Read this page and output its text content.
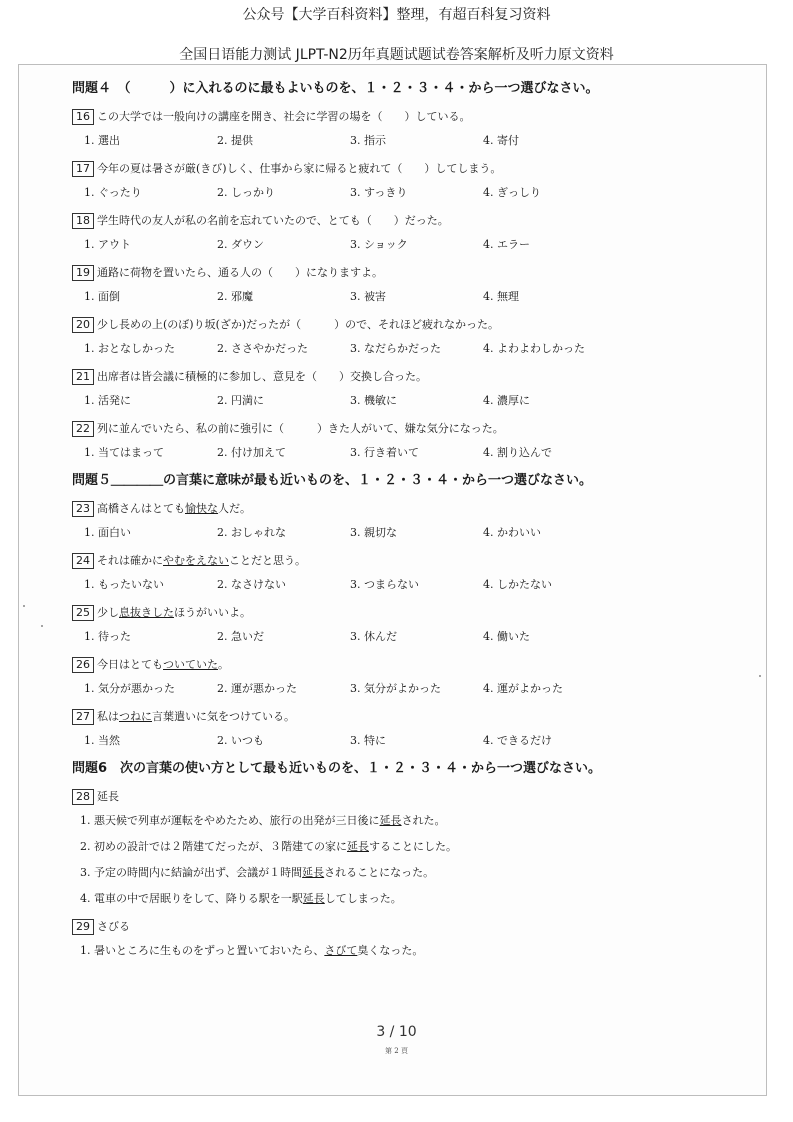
公众号【大学百科资料】整理，有超百科复习资料
全国日语能力测试 JLPT-N2历年真题试题试卷答案解析及听力原文资料
問題４　（　　　）に入れるのに最もよいものを、１・２・３・４・から一つ選びなさい。
16 この大学では一般向けの講座を開き、社会に学習の場を（　　）している。
1. 選出	2. 提供	3. 指示	4. 寄付
17 今年の夏は暑さが厳(きび)しく、仕事から家に帰ると疲れて（　　）してしまう。
1. ぐったり	2. しっかり	3. すっきり	4. ぎっしり
18 学生時代の友人が私の名前を忘れていたので、とても（　　）だった。
1. アウト	2. ダウン	3. ショック	4. エラー
19 通路に荷物を置いたら、通る人の（　　）になりますよ。
1. 面倒	2. 邪魔	3. 被害	4. 無理
20 少し長めの上(のぼ)り坂(ざか)だったが（　　　）ので、それほど疲れなかった。
1. おとなしかった	2. ささやかだった	3. なだらかだった	4. よわよわしかった
21 出席者は皆会議に積極的に参加し、意見を（　　）交換し合った。
1. 活発に	2. 円満に	3. 機敏に	4. 濃厚に
22 列に並んでいたら、私の前に強引に（　　　）きた人がいて、嫌な気分になった。
1. 当てはまって	2. 付け加えて	3. 行き着いて	4. 割り込んで
問題５＿＿＿＿の言葉に意味が最も近いものを、１・２・３・４・から一つ選びなさい。
23 高橋さんはとても 愉快な 人だ。
1. 面白い	2. おしゃれな	3. 親切な	4. かわいい
24 それは確かに やむをえない ことだと思う。
1. もったいない	2. なさけない	3. つまらない	4. しかたない
25 少し 息抜きした ほうがいいよ。
1. 待った	2. 急いだ	3. 休んだ	4. 働いた
26 今日はとても ついていた 。
1. 気分が悪かった	2. 運が悪かった	3. 気分がよかった	4. 運がよかった
27 私は つねに 言葉遣いに気をつけている。
1. 当然	2. いつも	3. 特に	4. できるだけ
問題6　次の言葉の使い方として最も近いものを、１・２・３・４・から一つ選びなさい。
28 延長
1. 悪天候で列車が運転をやめたため、旅行の出発が三日後に延長された。
2. 初めの設計では２階建てだったが、３階建ての家に延長することにした。
3. 予定の時間内に結論が出ず、会議が１時間延長されることになった。
4. 電車の中で居眠りをして、降りる駅を一駅延長してしまった。
29 さびる
1. 暑いところに生ものをずっと置いておいたら、さびて臭くなった。
3 / 10
第 2 頁
